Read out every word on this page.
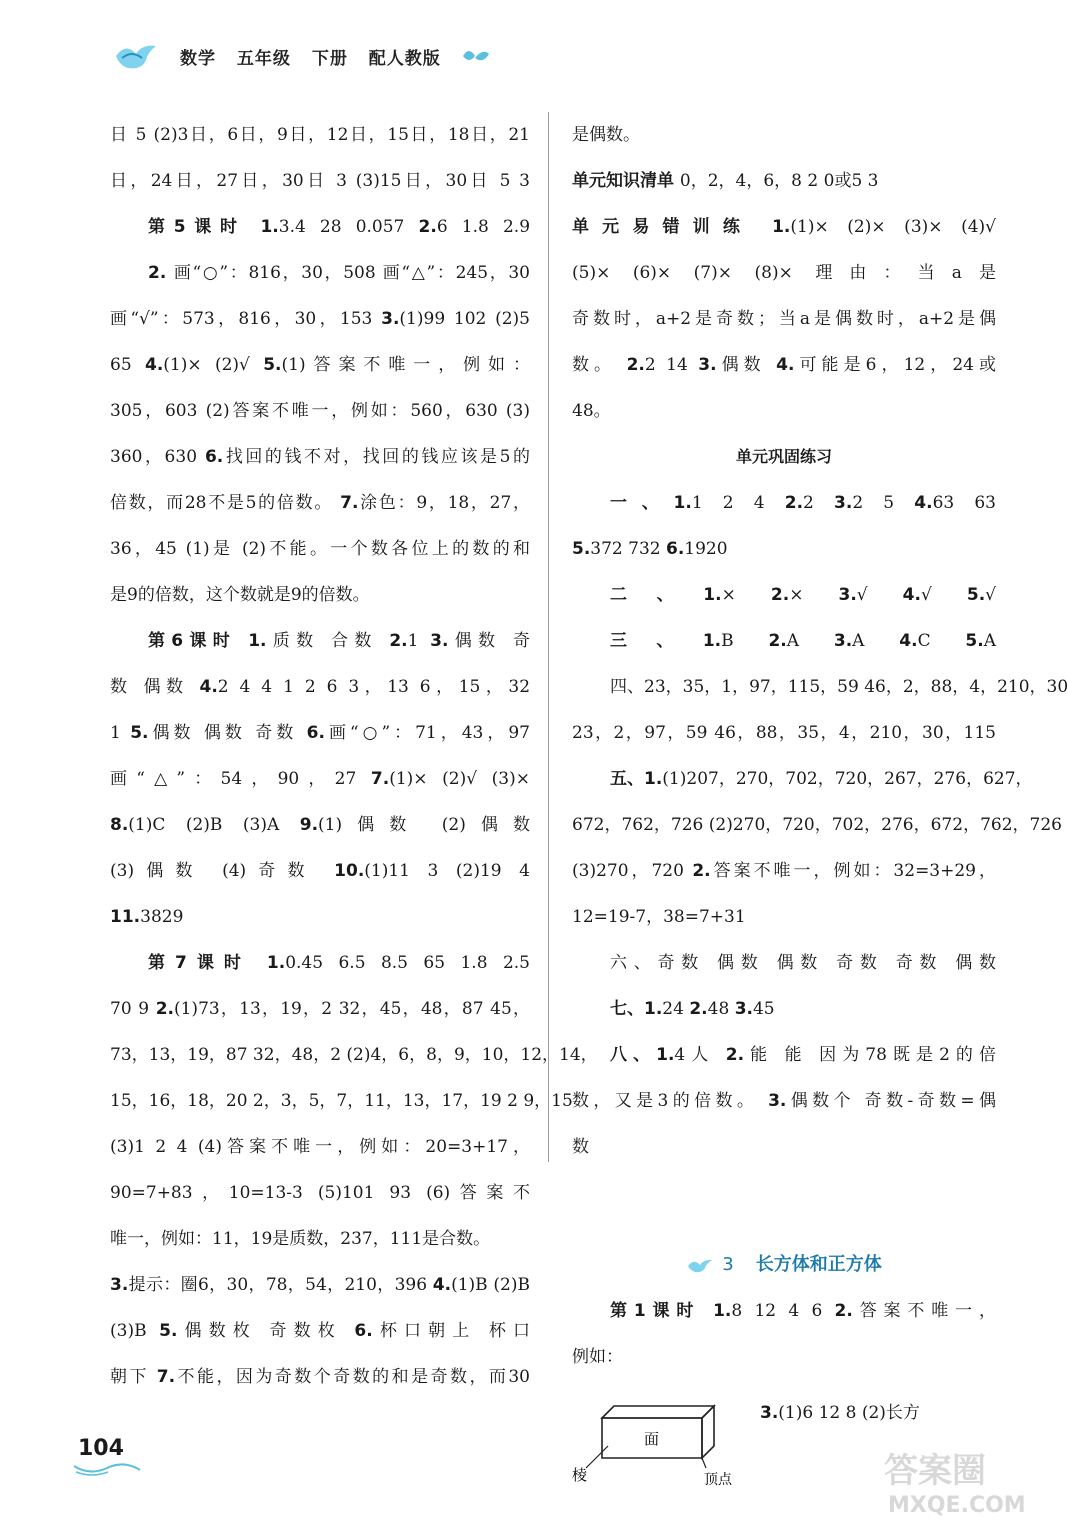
数学 五年级 下册 配人教版
日 5 (2)3日，6日，9日，12日，15日，18日，21
日，24日，27日，30日 3 (3)15日，30日 5 3
第5课时 1.3.4 28 0.057 2.6 1.8 2.9
2. 画“○”：816，30，508 画“△”：245，30
画“√”：573，816，30，153 3.(1)99 102 (2)5
65 4.(1)× (2)√ 5.(1)答案不唯一，例如：
305，603 (2)答案不唯一，例如：560，630 (3)
360，630 6.找回的钱不对，找回的钱应该是5的
倍数，而28不是5的倍数。 7.涂色：9，18，27，
36，45 (1)是 (2)不能。一个数各位上的数的和
是9的倍数，这个数就是9的倍数。
第6课时 1.质数 合数 2.1 3.偶数 奇
数 偶数 4.2 4 4 1 2 6 3，13 6，15，32
1 5.偶数 偶数 奇数 6.画“○”：71，43，97
画“△”：54，90，27 7.(1)× (2)√ (3)×
8.(1)C (2)B (3)A 9.(1)偶数 (2)偶数
(3)偶数 (4)奇数 10.(1)11 3 (2)19 4
11.3829
第7课时 1.0.45 6.5 8.5 65 1.8 2.5
70 9 2.(1)73，13，19，2 32，45，48，87 45，
73，13，19，87 32，48，2 (2)4，6，8，9，10，12，14，
15，16，18，20 2，3，5，7，11，13，17，19 2 9，15
(3)1 2 4 (4)答案不唯一，例如：20=3+17，
90=7+83，10=13-3 (5)101 93 (6)答案不
唯一，例如：11，19是质数，237，111是合数。
3.提示：圈6，30，78，54，210，396 4.(1)B (2)B
(3)B 5.偶数枚 奇数枚 6.杯口朝上 杯口
朝下 7.不能，因为奇数个奇数的和是奇数，而30
是偶数。
单元知识清单 0，2，4，6，8 2 0或5 3
单元易错训练 1.(1)× (2)× (3)× (4)√
(5)× (6)× (7)× (8)× 理由：当a是
奇数时，a+2是奇数；当a是偶数时，a+2是偶
数。 2.2 14 3.偶数 4.可能是6，12，24或
48。
单元巩固练习
一、1.1 2 4 2.2 3.2 5 4.63 63
5.372 732 6.1920
二、1.× 2.× 3.√ 4.√ 5.√
三、1.B 2.A 3.A 4.C 5.A
四、23，35，1，97，115，59 46，2，88，4，210，30
23，2，97，59 46，88，35，4，210，30，115
五、1.(1)207，270，702，720，267，276，627，
672，762，726 (2)270，720，702，276，672，762，726
(3)270，720 2.答案不唯一，例如：32=3+29，
12=19-7，38=7+31
六、奇数 偶数 偶数 奇数 奇数 偶数
七、1.24 2.48 3.45
八、1.4人 2.能 能 因为78既是2的倍
数，又是3的倍数。 3.偶数个 奇数-奇数=偶
数
3 长方体和正方体
第1课时 1.8 12 4 6 2.答案不唯一，
例如：
棱
面
顶点
3.(1)6 12 8 (2)长方
104
答案圈
MXQE.COM
